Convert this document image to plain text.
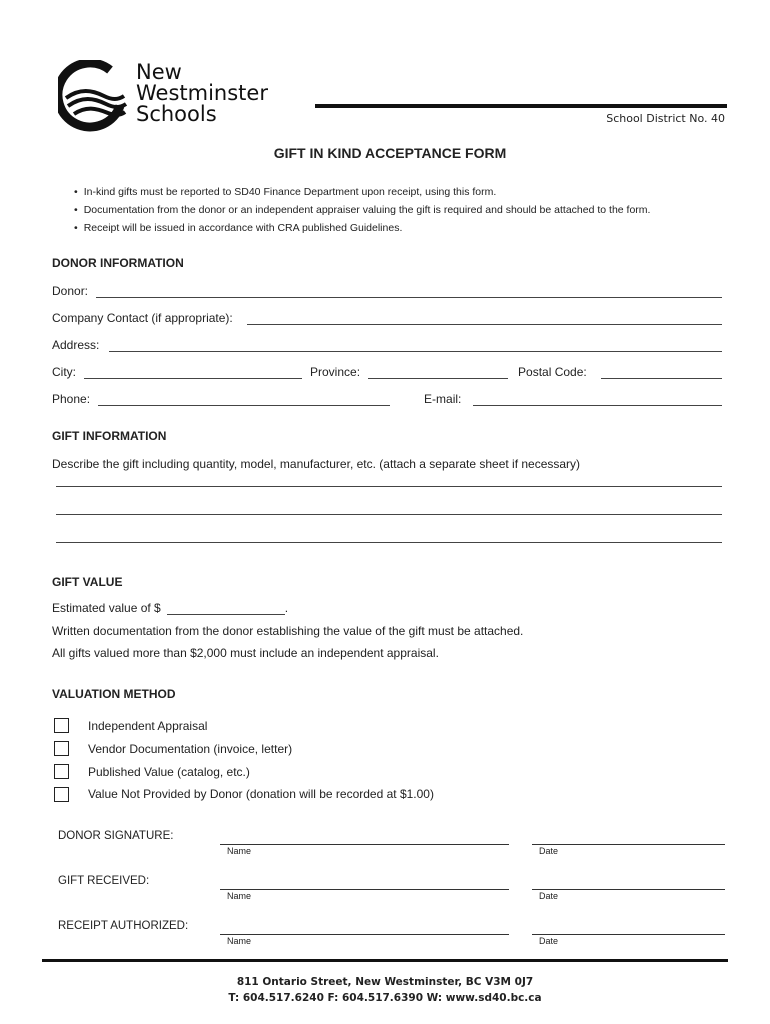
New
Westminster
Schools	School District No. 40
GIFT IN KIND ACCEPTANCE FORM
• In-kind gifts must be reported to SD40 Finance Department upon receipt, using this form.
• Documentation from the donor or an independent appraiser valuing the gift is required and should be attached to the form.
• Receipt will be issued in accordance with CRA published Guidelines.
DONOR INFORMATION
Donor:
Company Contact (if appropriate):
Address:
City:	Province:	Postal Code:
Phone:	E-mail:
GIFT INFORMATION
Describe the gift including quantity, model, manufacturer, etc. (attach a separate sheet if necessary)
GIFT VALUE
Estimated value of $	.
Written documentation from the donor establishing the value of the gift must be attached.
All gifts valued more than $2,000 must include an independent appraisal.
VALUATION METHOD
Independent Appraisal
Vendor Documentation (invoice, letter)
Published Value (catalog, etc.)
Value Not Provided by Donor (donation will be recorded at $1.00)
DONOR SIGNATURE:
Name	Date
GIFT RECEIVED:
Name	Date
RECEIPT AUTHORIZED:
Name	Date
811 Ontario Street, New Westminster, BC V3M 0J7
T: 604.517.6240 F: 604.517.6390 W: www.sd40.bc.ca
